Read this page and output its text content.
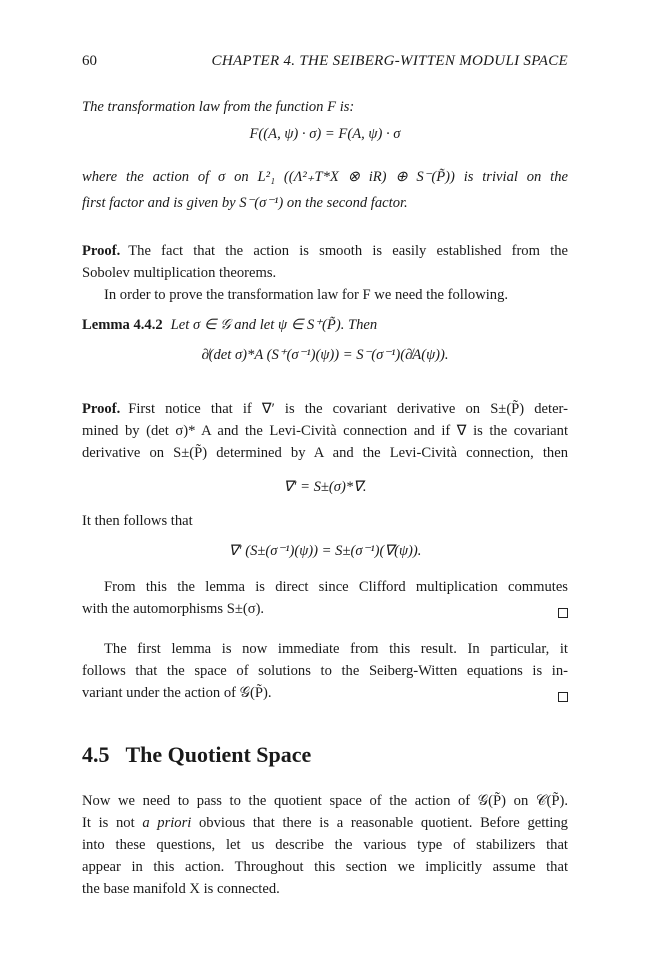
60	CHAPTER 4. THE SEIBERG-WITTEN MODULI SPACE
The transformation law from the function F is:
F((A, ψ) · σ) = F(A, ψ) · σ
where the action of σ on L²₁ ((Λ²₊T*X ⊗ iR) ⊕ S⁻(P̃)) is trivial on the
first factor and is given by S⁻(σ⁻¹) on the second factor.
Proof. The fact that the action is smooth is easily established from the
Sobolev multiplication theorems.
In order to prove the transformation law for F we need the following.
Lemma 4.4.2 Let σ ∈ 𝒢 and let ψ ∈ S⁺(P̃). Then
∂̸(det σ)*A (S⁺(σ⁻¹)(ψ)) = S⁻(σ⁻¹)(∂̸A(ψ)).
Proof. First notice that if ∇′ is the covariant derivative on S±(P̃) deter-
mined by (det σ)* A and the Levi-Cività connection and if ∇ is the covariant
derivative on S±(P̃) determined by A and the Levi-Cività connection, then
∇′ = S±(σ)*∇.
It then follows that
∇′ (S±(σ⁻¹)(ψ)) = S±(σ⁻¹)(∇(ψ)).
From this the lemma is direct since Clifford multiplication commutes
with the automorphisms S±(σ).
The first lemma is now immediate from this result. In particular, it
follows that the space of solutions to the Seiberg-Witten equations is in-
variant under the action of 𝒢(P̃).
4.5 The Quotient Space
Now we need to pass to the quotient space of the action of 𝒢(P̃) on 𝒞(P̃).
It is not a priori obvious that there is a reasonable quotient. Before getting
into these questions, let us describe the various type of stabilizers that
appear in this action. Throughout this section we implicitly assume that
the base manifold X is connected.
